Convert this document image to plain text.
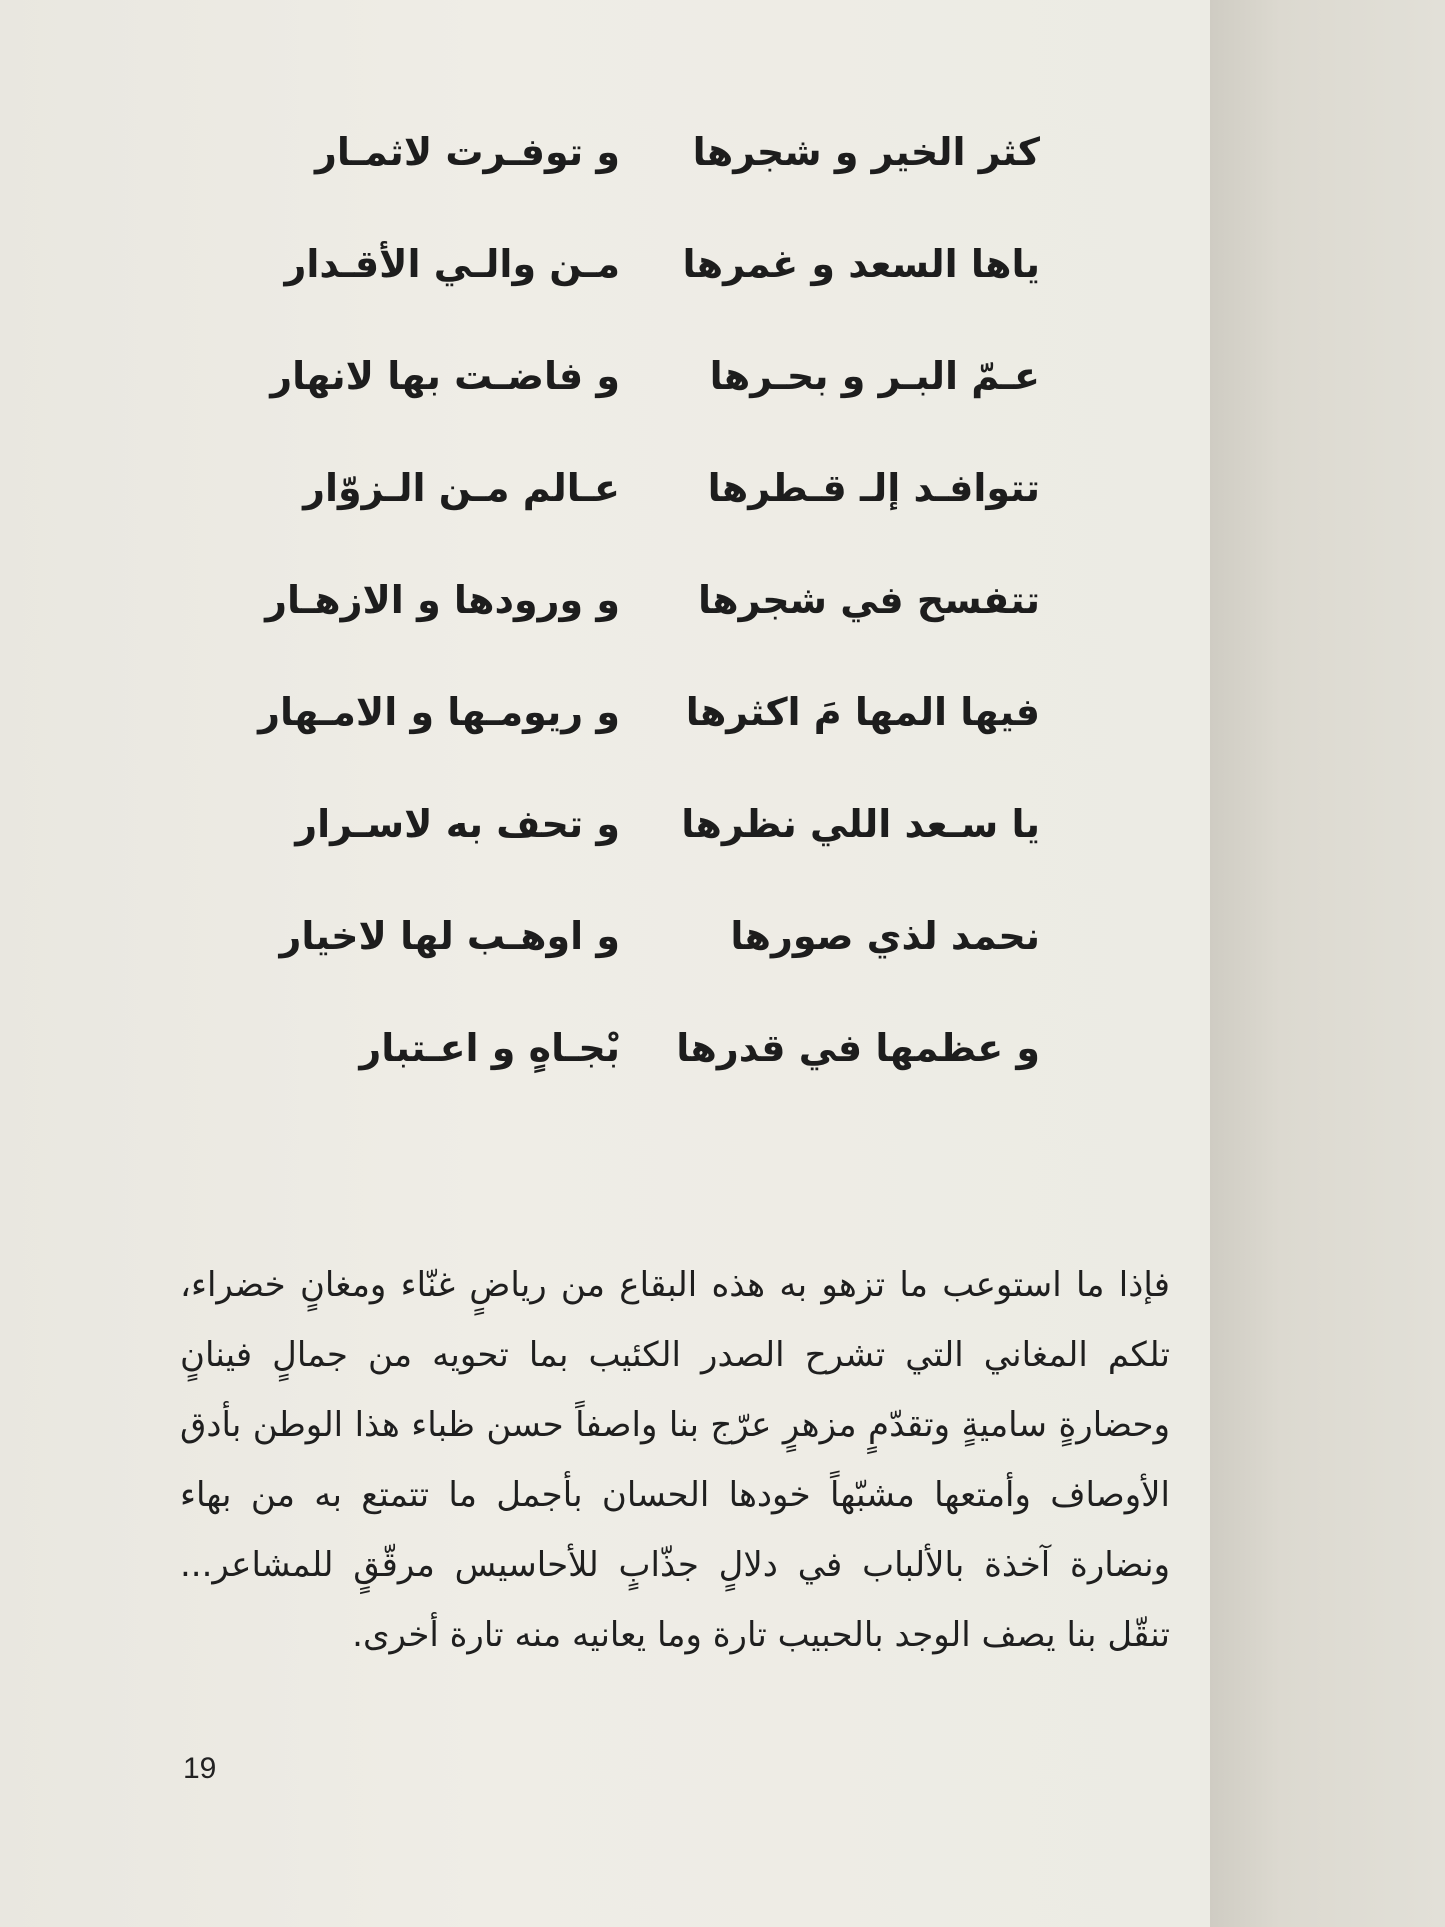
كثر الخير و شجرها
و توفـرت لاثمـار
ياها السعد و غمرها
مـن والـي الأقـدار
عـمّ البـر و بحـرها
و فاضـت بها لانهار
تتوافـد إلـ قـطرها
عـالم مـن الـزوّار
تتفسح في شجرها
و ورودها و الازهـار
فيها المها مَ اكثرها
و ريومـها و الامـهار
يا سـعد اللي نظرها
و تحف به لاسـرار
نحمد لذي صورها
و اوهـب لها لاخيار
و عظمها في قدرها
بْجـاهٍ و اعـتبار

فإذا ما استوعب ما تزهو به هذه البقاع من رياضٍ غنّاء ومغانٍ خضراء، تلكم المغاني التي تشرح الصدر الكئيب بما تحويه من جمالٍ فينانٍ وحضارةٍ ساميةٍ وتقدّمٍ مزهرٍ عرّج بنا واصفاً حسن ظباء هذا الوطن بأدق الأوصاف وأمتعها مشبّهاً خودها الحسان بأجمل ما تتمتع به من بهاء ونضارة آخذة بالألباب في دلالٍ جذّابٍ للأحاسيس مرقّقٍ للمشاعر... تنقّل بنا يصف الوجد بالحبيب تارة وما يعانيه منه تارة أخرى.

19
